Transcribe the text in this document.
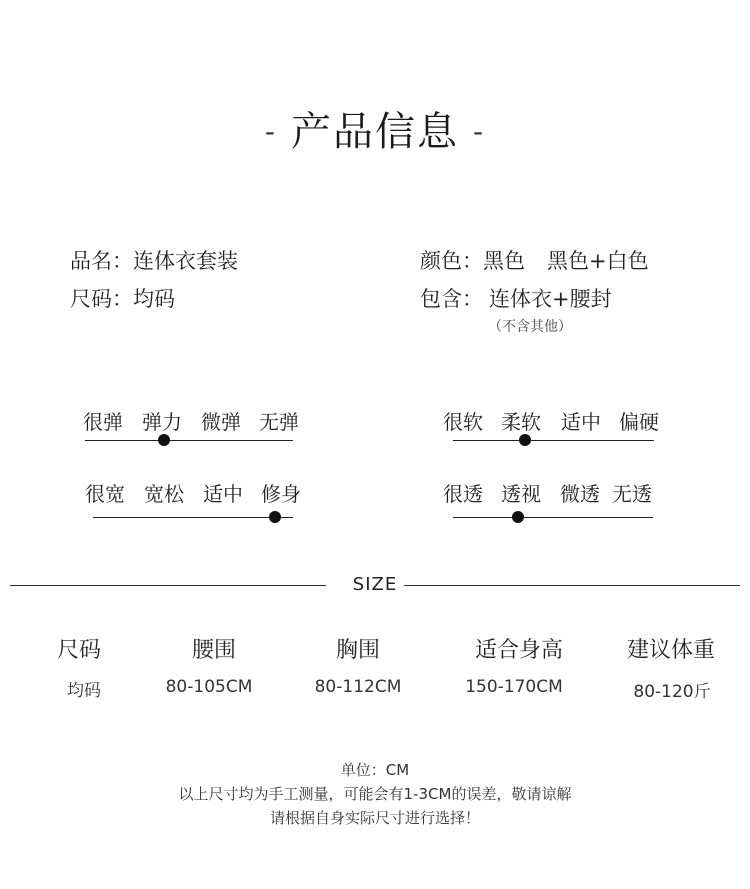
- 产品信息 -
品名：连体衣套装
尺码：均码
颜色：黑色 黑色+白色
包含： 连体衣+腰封
（不含其他）
很弹 弹力 微弹 无弹	很软 柔软 适中 偏硬
很宽 宽松 适中 修身	很透 透视 微透 无透
SIZE
尺码	腰围	胸围	适合身高	建议体重
均码	80-105CM	80-112CM	150-170CM	80-120斤
单位：CM
以上尺寸均为手工测量，可能会有1-3CM的误差，敬请谅解
请根据自身实际尺寸进行选择！
